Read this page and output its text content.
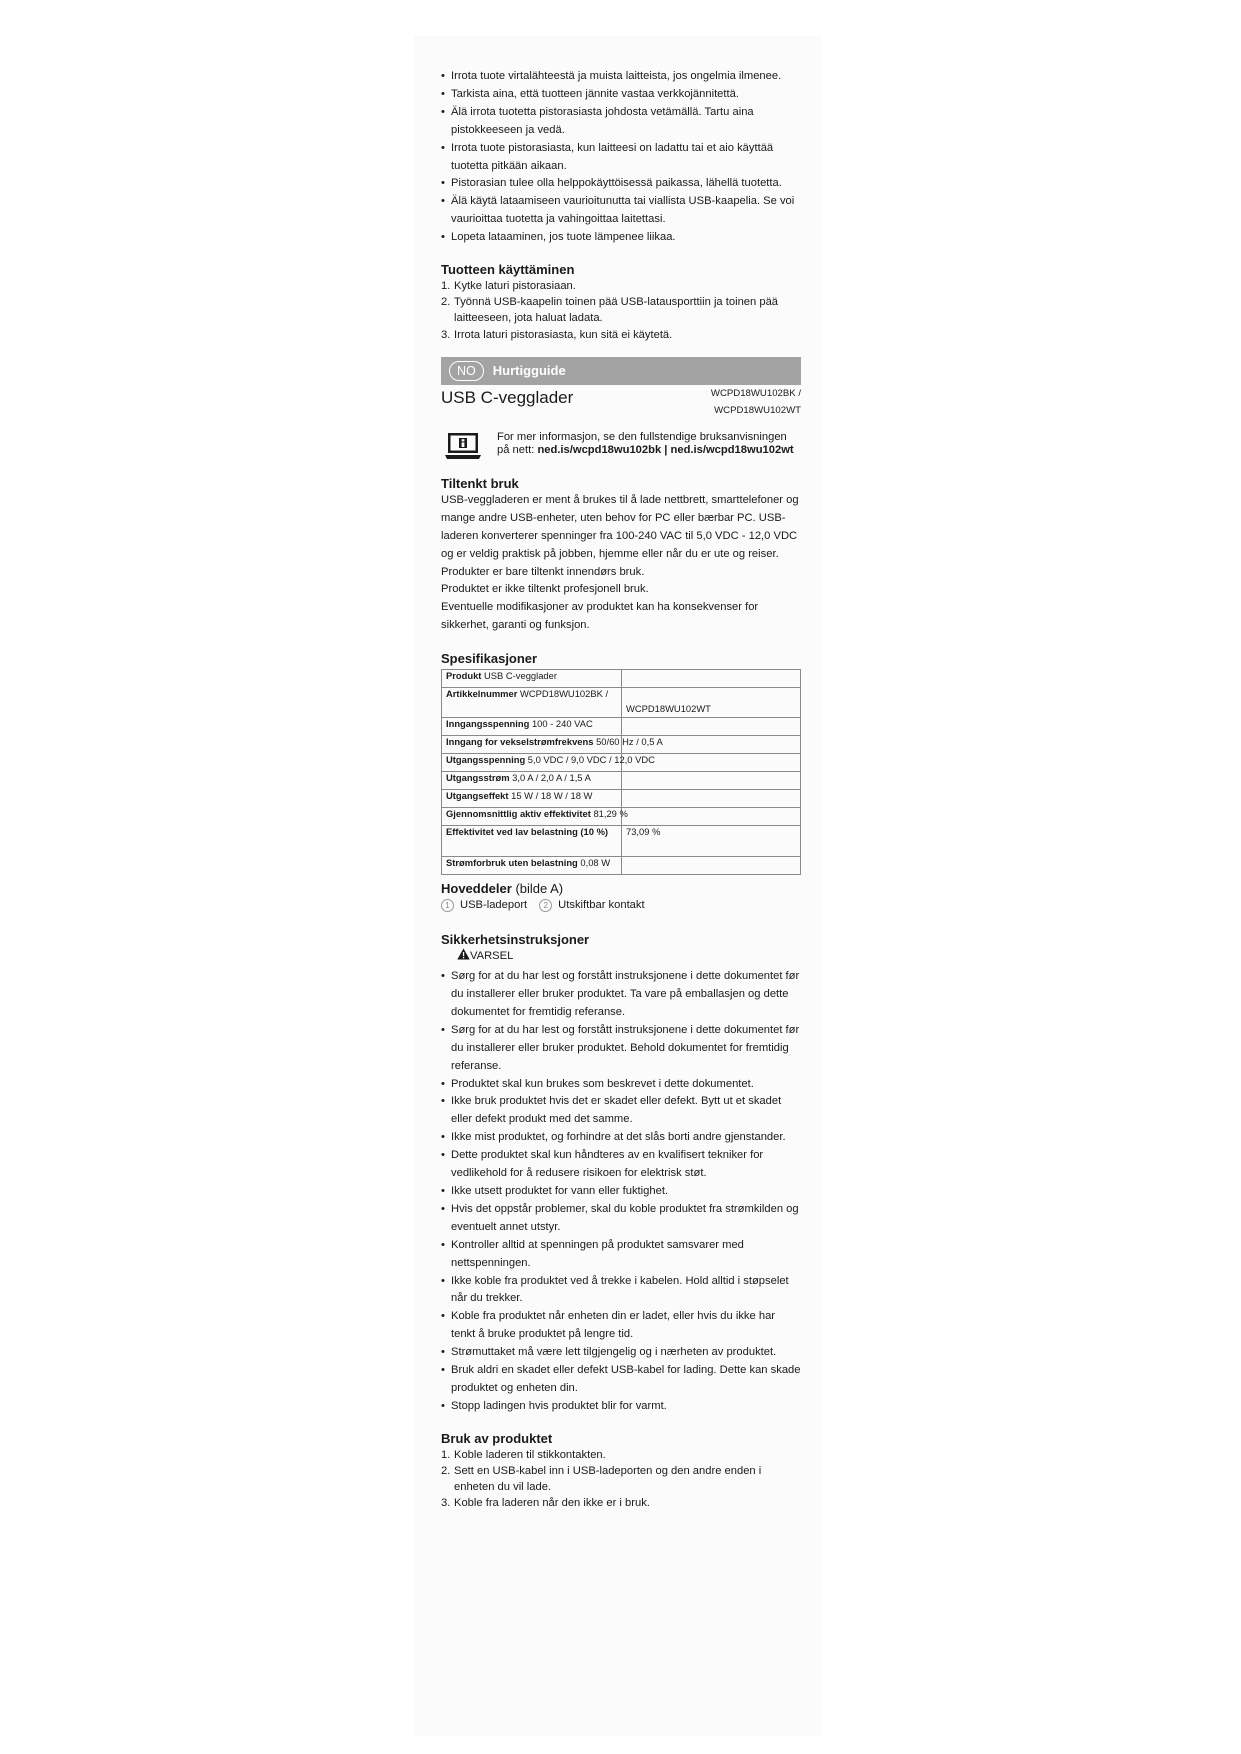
• Irrota tuote virtalähteestä ja muista laitteista, jos ongelmia ilmenee.
• Tarkista aina, että tuotteen jännite vastaa verkkojännitettä.
• Älä irrota tuotetta pistorasiasta johdosta vetämällä. Tartu aina pistokkeeseen ja vedä.
• Irrota tuote pistorasiasta, kun laitteesi on ladattu tai et aio käyttää tuotetta pitkään aikaan.
• Pistorasian tulee olla helppokäyttöisessä paikassa, lähellä tuotetta.
• Älä käytä lataamiseen vaurioitunutta tai viallista USB-kaapelia. Se voi vaurioittaa tuotetta ja vahingoittaa laitettasi.
• Lopeta lataaminen, jos tuote lämpenee liikaa.
Tuotteen käyttäminen
1. Kytke laturi pistorasiaan.
2. Työnnä USB-kaapelin toinen pää USB-latausporttiin ja toinen pää laitteeseen, jota haluat ladata.
3. Irrota laturi pistorasiasta, kun sitä ei käytetä.
NO	Hurtigguide
USB C-vegglader	WCPD18WU102BK /
WCPD18WU102WT
For mer informasjon, se den fullstendige bruksanvisningen
på nett: ned.is/wcpd18wu102bk | ned.is/wcpd18wu102wt
Tiltenkt bruk
USB-veggladeren er ment å brukes til å lade nettbrett, smarttelefoner og mange andre USB-enheter, uten behov for PC eller bærbar PC. USB-laderen konverterer spenninger fra 100-240 VAC til 5,0 VDC - 12,0 VDC og er veldig praktisk på jobben, hjemme eller når du er ute og reiser.
Produkter er bare tiltenkt innendørs bruk.
Produktet er ikke tiltenkt profesjonell bruk.
Eventuelle modifikasjoner av produktet kan ha konsekvenser for sikkerhet, garanti og funksjon.
Spesifikasjoner
Produkt USB C-vegglader	
Artikkelnummer WCPD18WU102BK /	WCPD18WU102WT
Inngangsspenning 100 - 240 VAC	
Inngang for vekselstrømfrekvens 50/60 Hz / 0,5 A	
Utgangsspenning 5,0 VDC / 9,0 VDC / 12,0 VDC	
Utgangsstrøm 3,0 A / 2,0 A / 1,5 A	
Utgangseffekt 15 W / 18 W / 18 W	
Gjennomsnittlig aktiv effektivitet 81,29 %	
Effektivitet ved lav belastning (10 %)	73,09 %
Strømforbruk uten belastning 0,08 W	
Hoveddeler (bilde A)
1 USB-ladeport 2 Utskiftbar kontakt
Sikkerhetsinstruksjoner
VARSEL
• Sørg for at du har lest og forstått instruksjonene i dette dokumentet før du installerer eller bruker produktet. Ta vare på emballasjen og dette dokumentet for fremtidig referanse.
• Sørg for at du har lest og forstått instruksjonene i dette dokumentet før du installerer eller bruker produktet. Behold dokumentet for fremtidig referanse.
• Produktet skal kun brukes som beskrevet i dette dokumentet.
• Ikke bruk produktet hvis det er skadet eller defekt. Bytt ut et skadet eller defekt produkt med det samme.
• Ikke mist produktet, og forhindre at det slås borti andre gjenstander.
• Dette produktet skal kun håndteres av en kvalifisert tekniker for vedlikehold for å redusere risikoen for elektrisk støt.
• Ikke utsett produktet for vann eller fuktighet.
• Hvis det oppstår problemer, skal du koble produktet fra strømkilden og eventuelt annet utstyr.
• Kontroller alltid at spenningen på produktet samsvarer med nettspenningen.
• Ikke koble fra produktet ved å trekke i kabelen. Hold alltid i støpselet når du trekker.
• Koble fra produktet når enheten din er ladet, eller hvis du ikke har tenkt å bruke produktet på lengre tid.
• Strømuttaket må være lett tilgjengelig og i nærheten av produktet.
• Bruk aldri en skadet eller defekt USB-kabel for lading. Dette kan skade produktet og enheten din.
• Stopp ladingen hvis produktet blir for varmt.
Bruk av produktet
1. Koble laderen til stikkontakten.
2. Sett en USB-kabel inn i USB-ladeporten og den andre enden i enheten du vil lade.
3. Koble fra laderen når den ikke er i bruk.
